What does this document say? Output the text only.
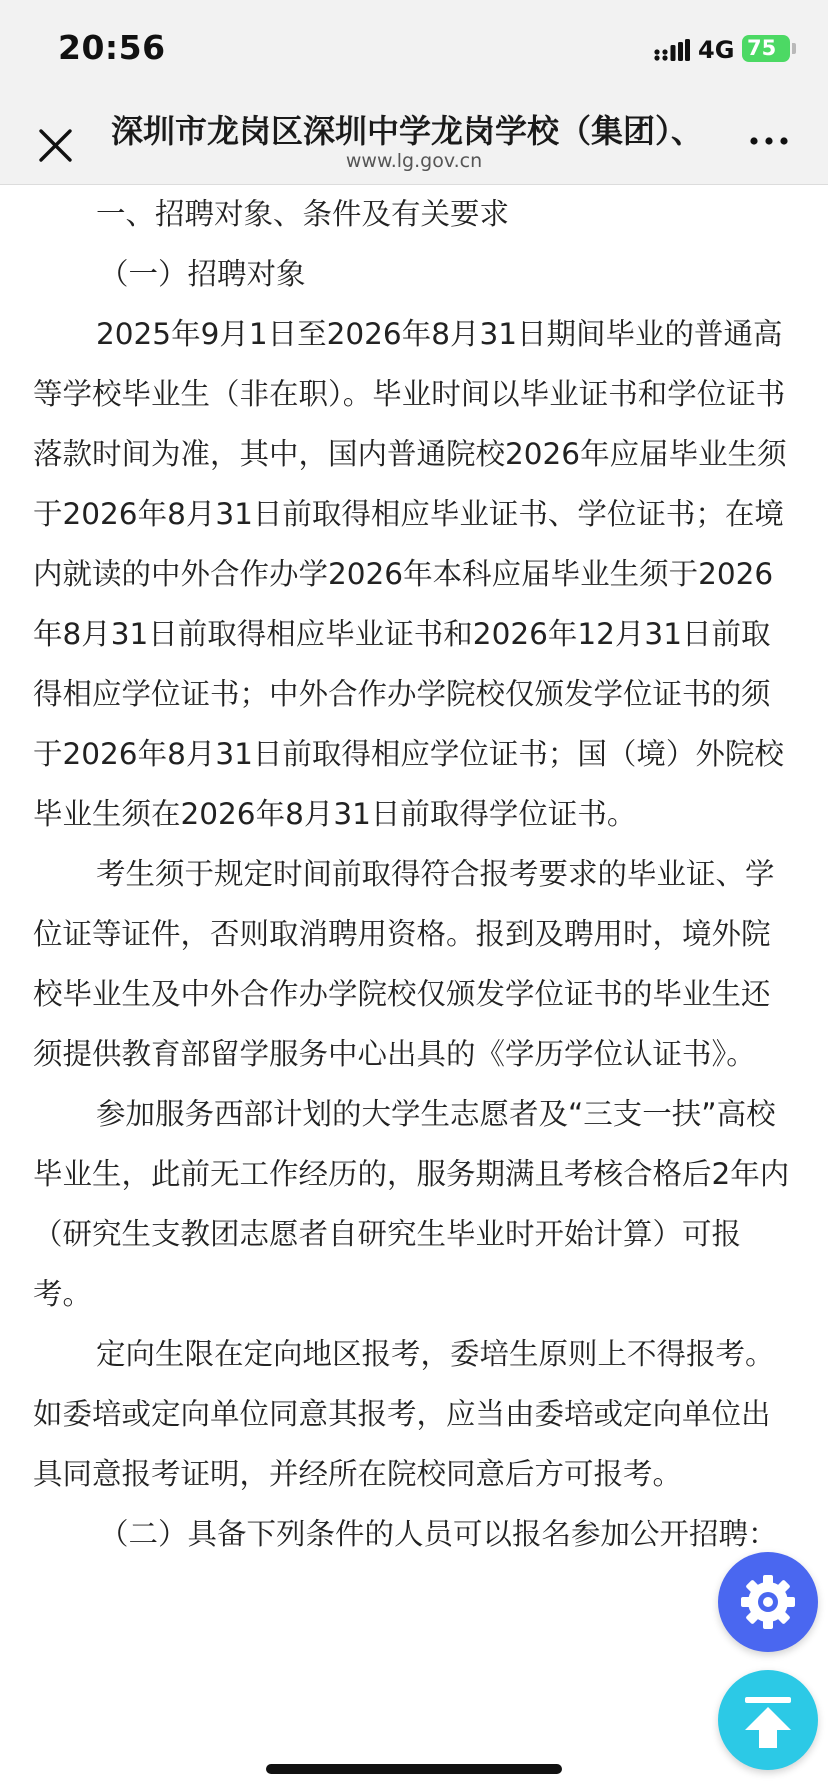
20:56	4G 75
深圳市龙岗区深圳中学龙岗学校（集团）、
www.lg.gov.cn

一、招聘对象、条件及有关要求

（一）招聘对象

2025年9月1日至2026年8月31日期间毕业的普通高等学校毕业生（非在职）。毕业时间以毕业证书和学位证书落款时间为准，其中，国内普通院校2026年应届毕业生须于2026年8月31日前取得相应毕业证书、学位证书；在境内就读的中外合作办学2026年本科应届毕业生须于2026年8月31日前取得相应毕业证书和2026年12月31日前取得相应学位证书；中外合作办学院校仅颁发学位证书的须于2026年8月31日前取得相应学位证书；国（境）外院校毕业生须在2026年8月31日前取得学位证书。

考生须于规定时间前取得符合报考要求的毕业证、学位证等证件，否则取消聘用资格。报到及聘用时，境外院校毕业生及中外合作办学院校仅颁发学位证书的毕业生还须提供教育部留学服务中心出具的《学历学位认证书》。

参加服务西部计划的大学生志愿者及“三支一扶”高校毕业生，此前无工作经历的，服务期满且考核合格后2年内（研究生支教团志愿者自研究生毕业时开始计算）可报考。

定向生限在定向地区报考，委培生原则上不得报考。如委培或定向单位同意其报考，应当由委培或定向单位出具同意报考证明，并经所在院校同意后方可报考。

（二）具备下列条件的人员可以报名参加公开招聘：
